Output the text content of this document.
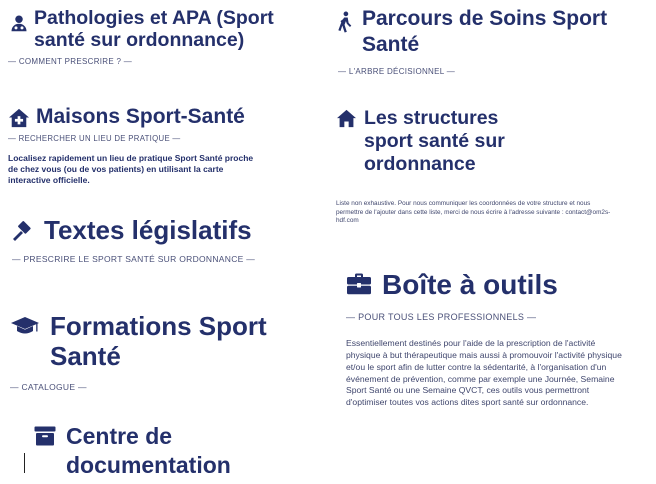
Pathologies et APA (Sport
santé sur ordonnance)
— COMMENT PRESCRIRE ? —
Parcours de Soins Sport
Santé
— L'ARBRE DÉCISIONNEL —
Maisons Sport-Santé
— RECHERCHER UN LIEU DE PRATIQUE —
Localisez rapidement un lieu de pratique Sport Santé proche de chez vous (ou de vos patients) en utilisant la carte interactive officielle.
Les structures
sport santé sur
ordonnance
Liste non exhaustive. Pour nous communiquer les coordonnées de votre structure et nous permettre de l'ajouter dans cette liste, merci de nous écrire à l'adresse suivante : contact@om2s-hdf.com
Textes législatifs
— PRESCRIRE LE SPORT SANTÉ SUR ORDONNANCE —
Boîte à outils
— POUR TOUS LES PROFESSIONNELS —
Essentiellement destinés pour l'aide de la prescription de l'activité physique à but thérapeutique mais aussi à promouvoir l'activité physique et/ou le sport afin de lutter contre la sédentarité, à l'organisation d'un événement de prévention, comme par exemple une Journée, Semaine Sport Santé ou une Semaine QVCT, ces outils vous permettront d'optimiser toutes vos actions dites sport santé sur ordonnance.
Formations Sport
Santé
— CATALOGUE —
Centre de
documentation
